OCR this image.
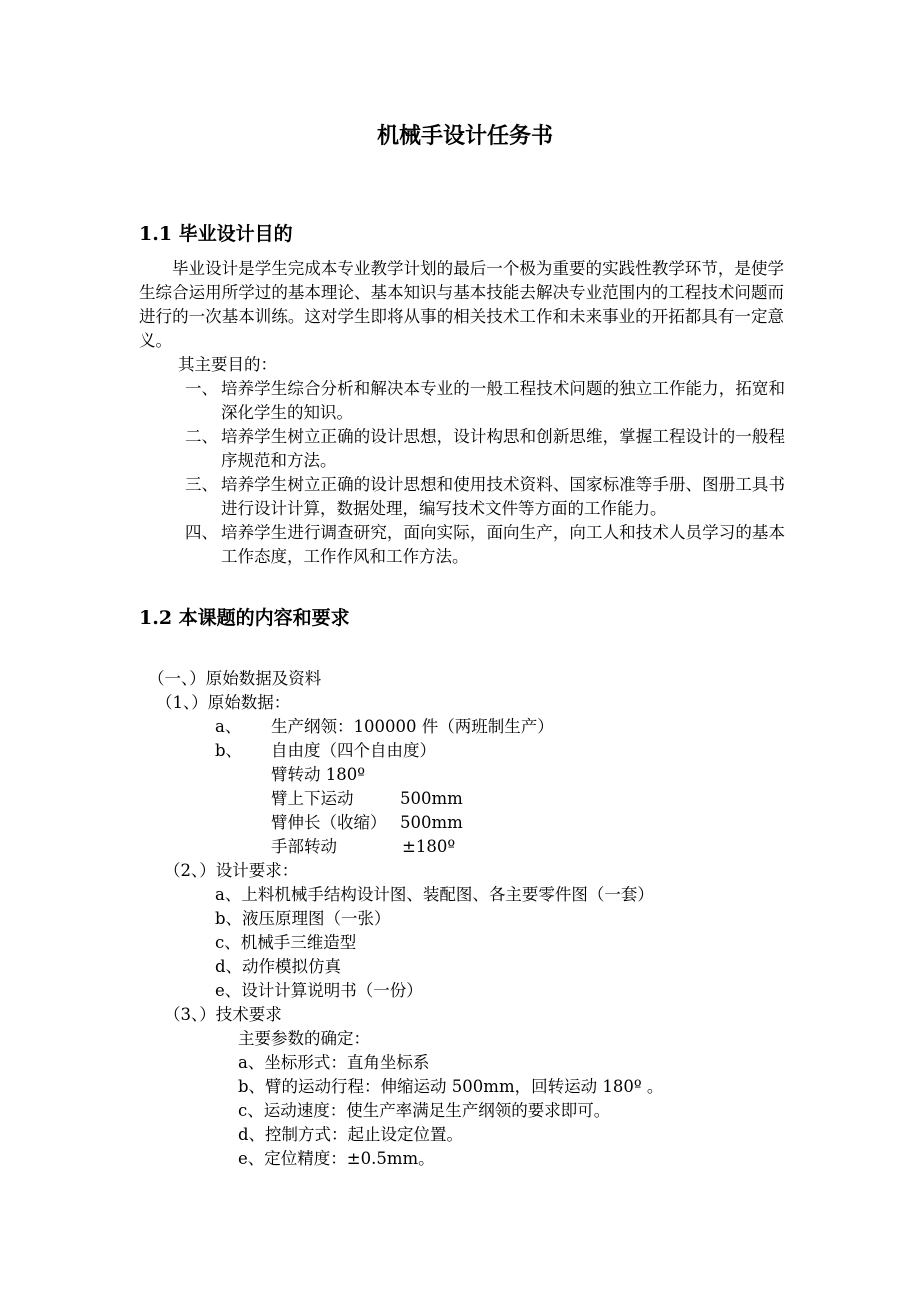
机械手设计任务书
1.1 毕业设计目的
毕业设计是学生完成本专业教学计划的最后一个极为重要的实践性教学环节，是使学生综合运用所学过的基本理论、基本知识与基本技能去解决专业范围内的工程技术问题而进行的一次基本训练。这对学生即将从事的相关技术工作和未来事业的开拓都具有一定意义。
其主要目的：
一、 培养学生综合分析和解决本专业的一般工程技术问题的独立工作能力，拓宽和深化学生的知识。
二、 培养学生树立正确的设计思想，设计构思和创新思维，掌握工程设计的一般程序规范和方法。
三、 培养学生树立正确的设计思想和使用技术资料、国家标准等手册、图册工具书进行设计计算，数据处理，编写技术文件等方面的工作能力。
四、 培养学生进行调查研究，面向实际，面向生产，向工人和技术人员学习的基本工作态度，工作作风和工作方法。
1.2 本课题的内容和要求
（一、）原始数据及资料
（1、）原始数据：
a、 生产纲领：100000 件（两班制生产）
b、 自由度（四个自由度）
臂转动 180º
臂上下运动	500mm
臂伸长（收缩） 500mm
手部转动	±180º
（2、）设计要求：
a、上料机械手结构设计图、装配图、各主要零件图（一套）
b、液压原理图（一张）
c、机械手三维造型
d、动作模拟仿真
e、设计计算说明书（一份）
（3、）技术要求
主要参数的确定：
a、坐标形式：直角坐标系
b、臂的运动行程：伸缩运动 500mm，回转运动 180º 。
c、运动速度：使生产率满足生产纲领的要求即可。
d、控制方式：起止设定位置。
e、定位精度：±0.5mm。
